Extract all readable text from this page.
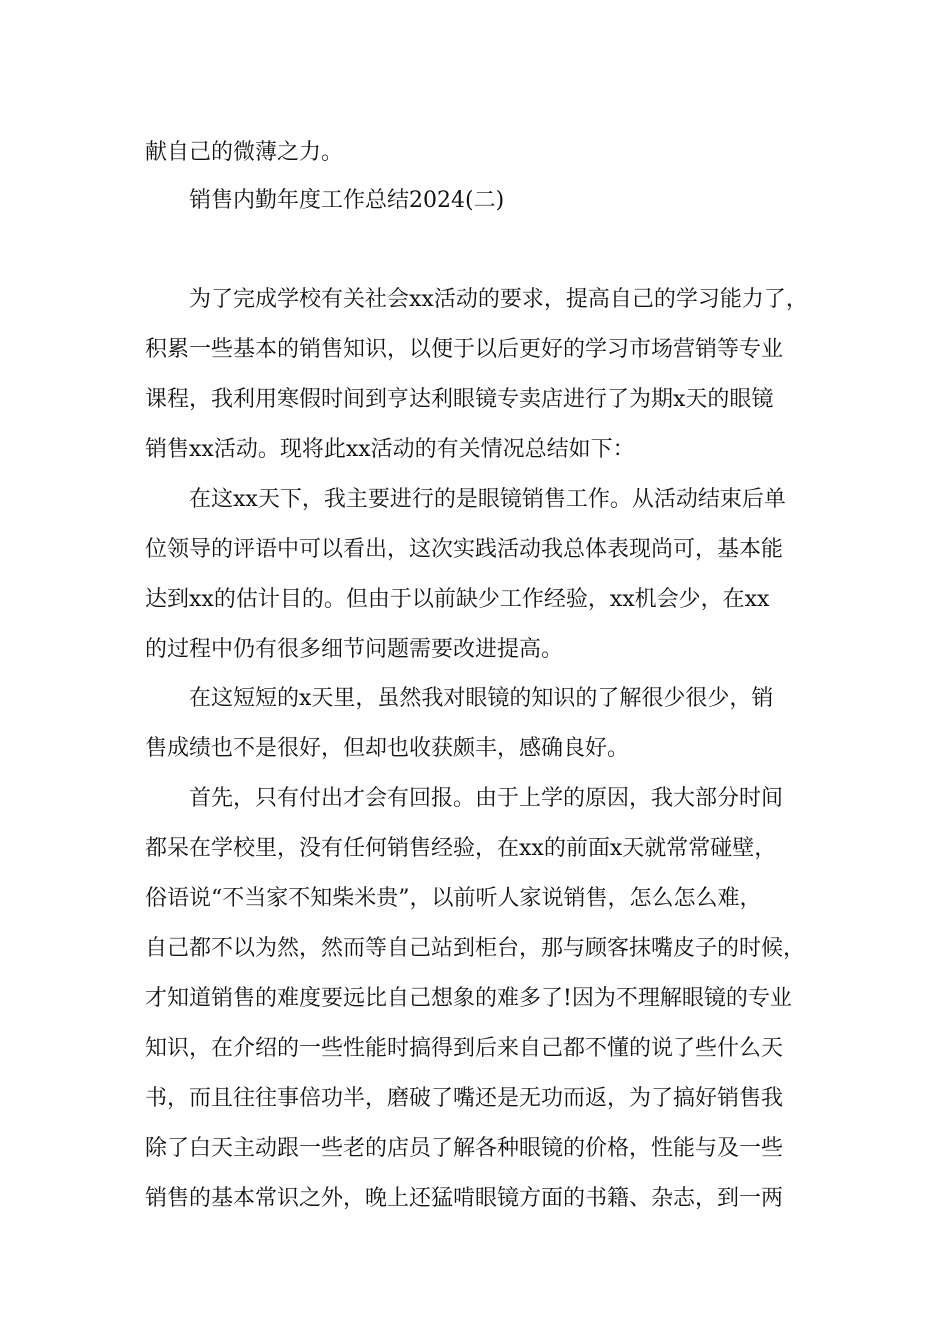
献自己的微薄之力。
销售内勤年度工作总结2024(二)
为了完成学校有关社会xx活动的要求，提高自己的学习能力了，
积累一些基本的销售知识，以便于以后更好的学习市场营销等专业
课程，我利用寒假时间到亨达利眼镜专卖店进行了为期x天的眼镜
销售xx活动。现将此xx活动的有关情况总结如下：
在这xx天下，我主要进行的是眼镜销售工作。从活动结束后单
位领导的评语中可以看出，这次实践活动我总体表现尚可，基本能
达到xx的估计目的。但由于以前缺少工作经验，xx机会少，在xx
的过程中仍有很多细节问题需要改进提高。
在这短短的x天里，虽然我对眼镜的知识的了解很少很少，销
售成绩也不是很好，但却也收获颇丰，感确良好。
首先，只有付出才会有回报。由于上学的原因，我大部分时间
都呆在学校里，没有任何销售经验，在xx的前面x天就常常碰壁，
俗语说“不当家不知柴米贵”，以前听人家说销售，怎么怎么难，
自己都不以为然，然而等自己站到柜台，那与顾客抹嘴皮子的时候，
才知道销售的难度要远比自己想象的难多了!因为不理解眼镜的专业
知识，在介绍的一些性能时搞得到后来自己都不懂的说了些什么天
书，而且往往事倍功半，磨破了嘴还是无功而返，为了搞好销售我
除了白天主动跟一些老的店员了解各种眼镜的价格，性能与及一些
销售的基本常识之外，晚上还猛啃眼镜方面的书籍、杂志，到一两
